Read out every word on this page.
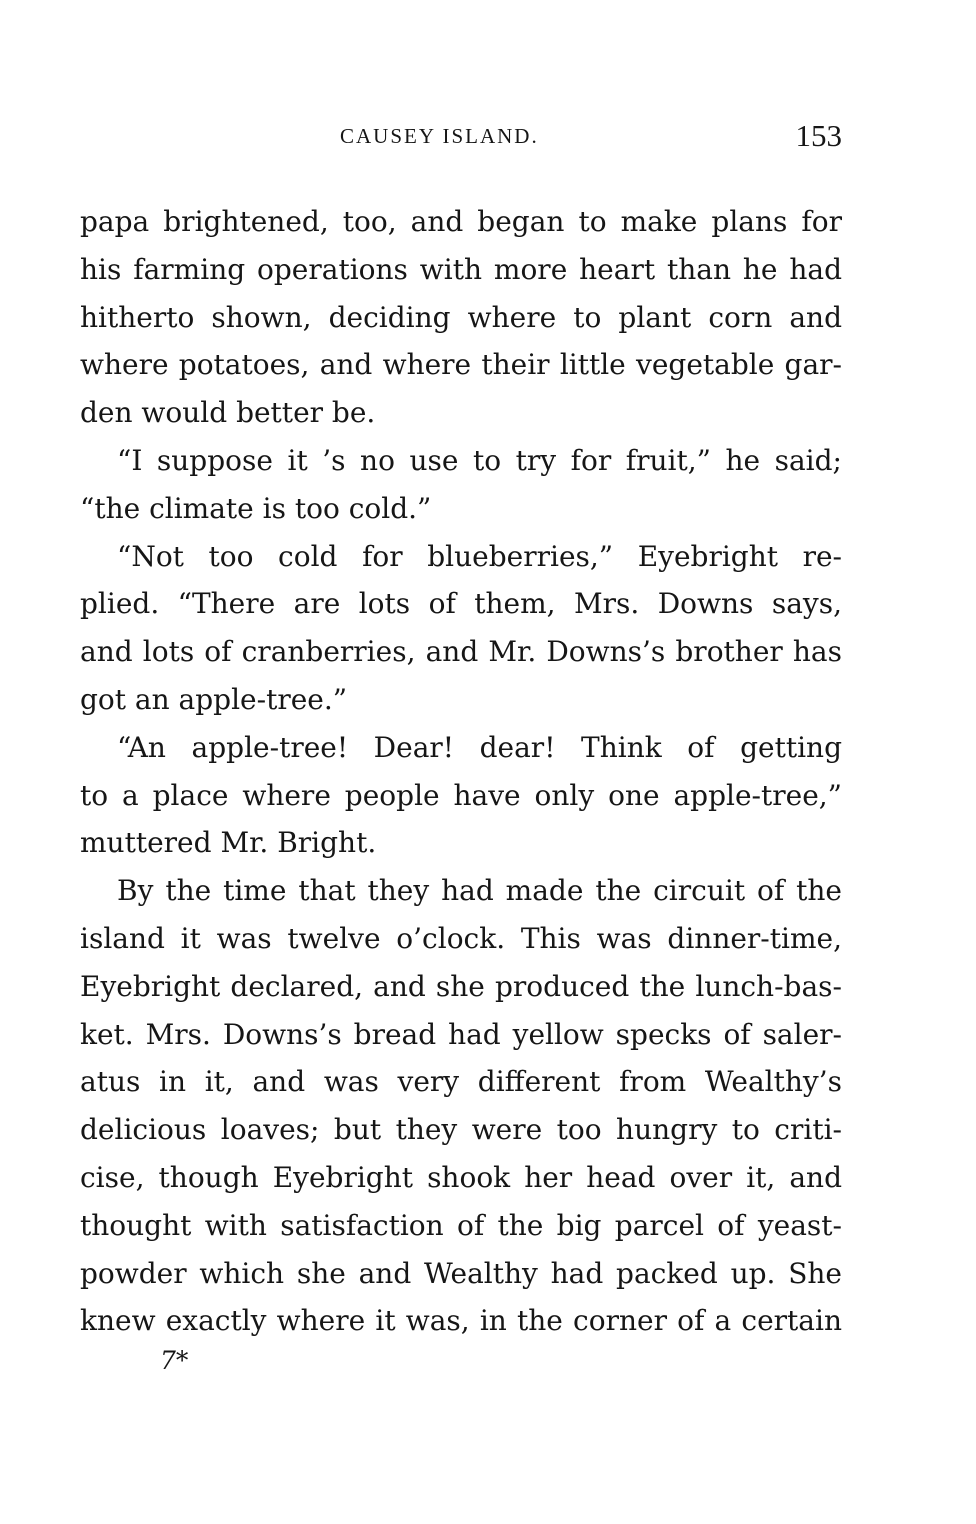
CAUSEY ISLAND.	153
papa brightened, too, and began to make plans for
his farming operations with more heart than he had
hitherto shown, deciding where to plant corn and
where potatoes, and where their little vegetable gar-
den would better be.
“I suppose it ’s no use to try for fruit,” he said;
“the climate is too cold.”
“Not too cold for blueberries,” Eyebright re-
plied. “There are lots of them, Mrs. Downs says,
and lots of cranberries, and Mr. Downs’s brother has
got an apple-tree.”
“An apple-tree! Dear! dear! Think of getting
to a place where people have only one apple-tree,”
muttered Mr. Bright.
By the time that they had made the circuit of the
island it was twelve o’clock. This was dinner-time,
Eyebright declared, and she produced the lunch-bas-
ket. Mrs. Downs’s bread had yellow specks of saler-
atus in it, and was very different from Wealthy’s
delicious loaves; but they were too hungry to criti-
cise, though Eyebright shook her head over it, and
thought with satisfaction of the big parcel of yeast-
powder which she and Wealthy had packed up. She
knew exactly where it was, in the corner of a certain
7*
